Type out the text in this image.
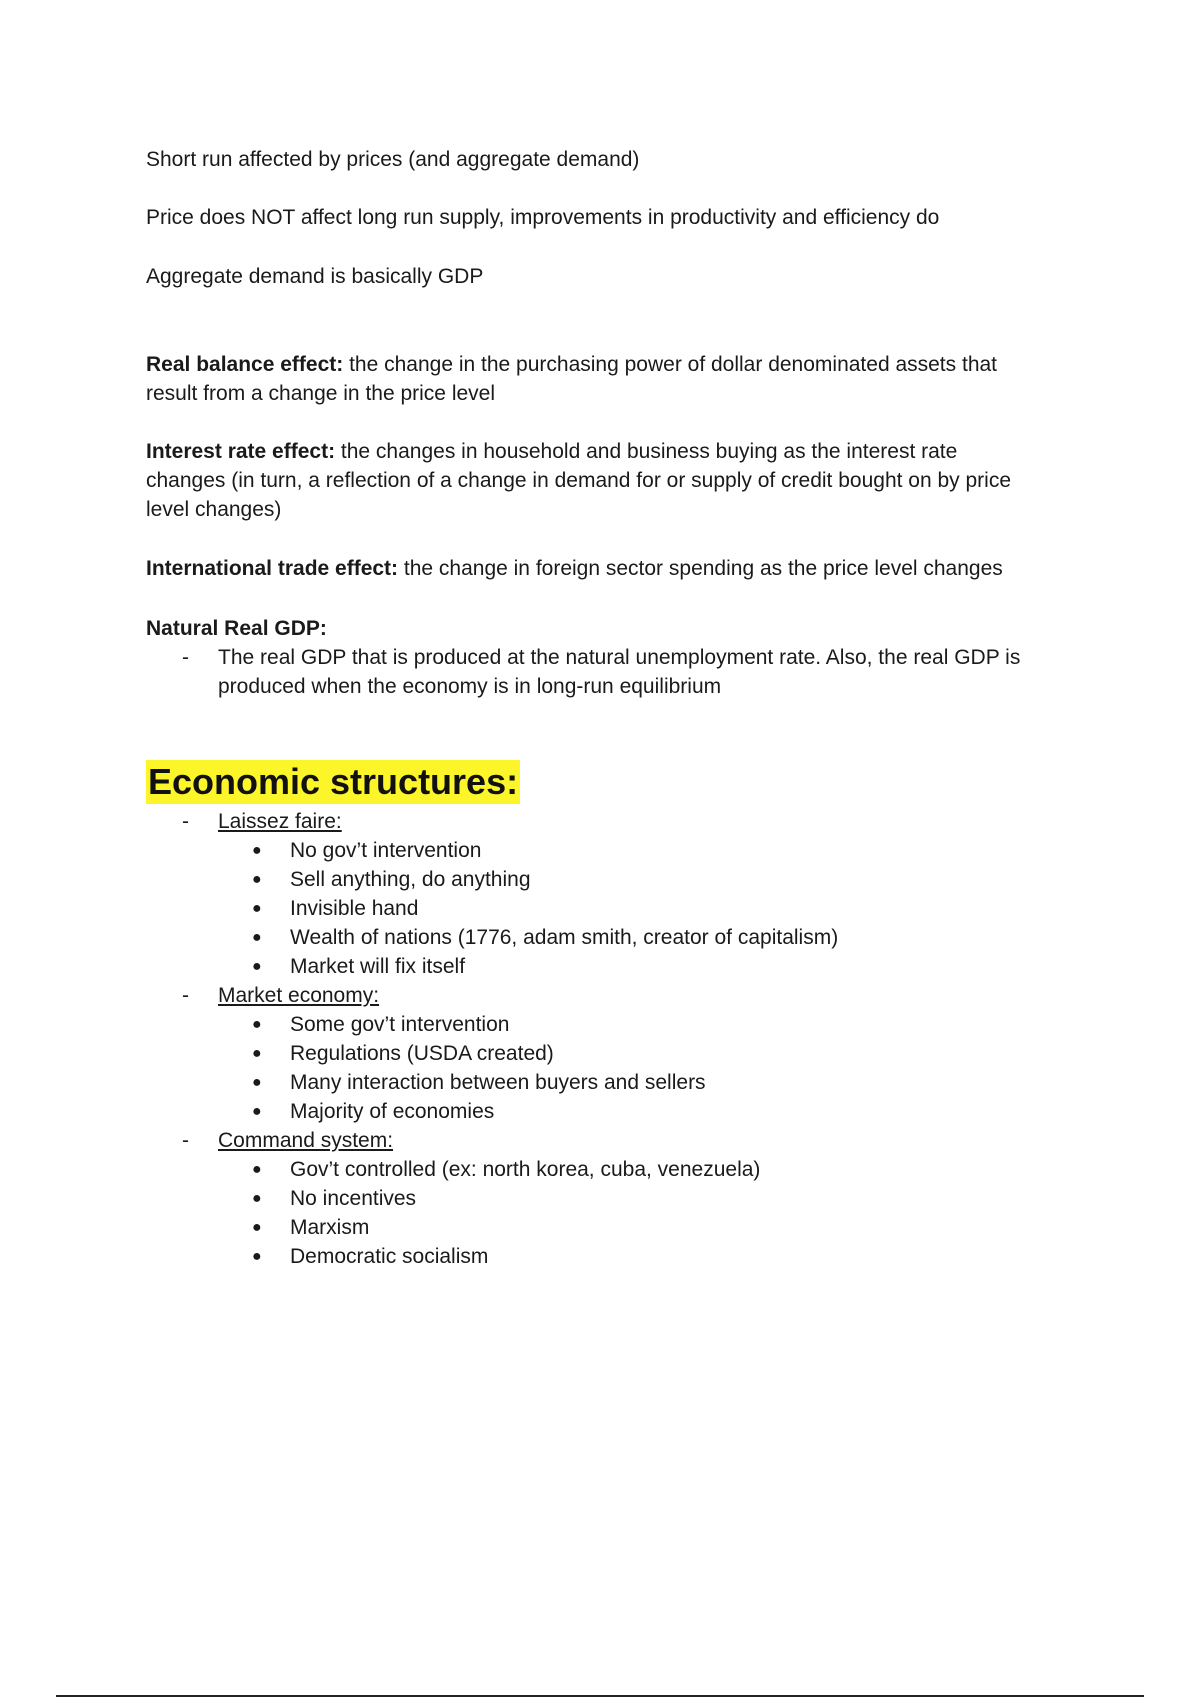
Short run affected by prices (and aggregate demand)
Price does NOT affect long run supply, improvements in productivity and efficiency do
Aggregate demand is basically GDP
Real balance effect: the change in the purchasing power of dollar denominated assets that
result from a change in the price level
Interest rate effect: the changes in household and business buying as the interest rate
changes (in turn, a reflection of a change in demand for or supply of credit bought on by price
level changes)
International trade effect: the change in foreign sector spending as the price level changes
Natural Real GDP:
- The real GDP that is produced at the natural unemployment rate. Also, the real GDP is
produced when the economy is in long-run equilibrium
Economic structures:
- Laissez faire:
● No gov’t intervention
● Sell anything, do anything
● Invisible hand
● Wealth of nations (1776, adam smith, creator of capitalism)
● Market will fix itself
- Market economy:
● Some gov’t intervention
● Regulations (USDA created)
● Many interaction between buyers and sellers
● Majority of economies
- Command system:
● Gov’t controlled (ex: north korea, cuba, venezuela)
● No incentives
● Marxism
● Democratic socialism
